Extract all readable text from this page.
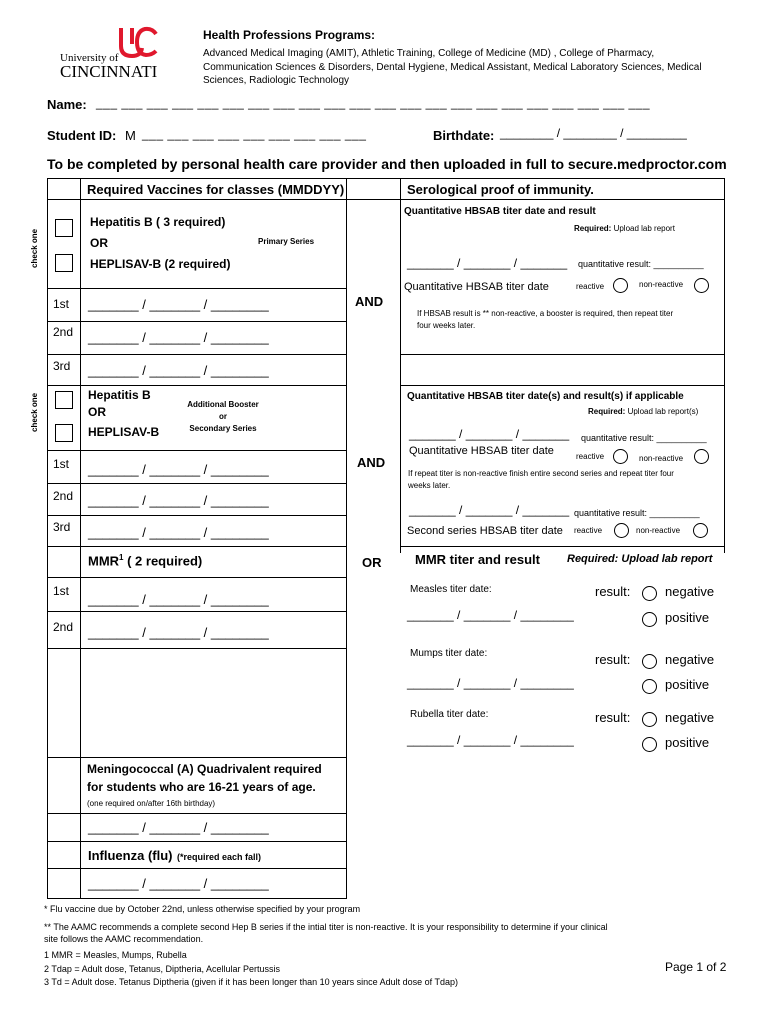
University of
CINCINNATI
Health Professions Programs:
Advanced Medical Imaging (AMIT), Athletic Training, College of Medicine (MD) , College of Pharmacy, Communication Sciences & Disorders, Dental Hygiene, Medical Assistant, Medical Laboratory Sciences, Medical Sciences, Radiologic Technology
Name: ___ ___ ___ ___ ___ ___ ___ ___ ___ ___ ___ ___ ___ ___ ___ ___ ___ ___ ___ ___ ___ ___
Student ID: M ___ ___ ___ ___ ___ ___ ___ ___ ___	Birthdate: ________ / ________ / _________
To be completed by personal health care provider and then uploaded in full to secure.medproctor.com
Required Vaccines for classes (MMDDYY)	Serological proof of immunity.
check one
Hepatitis B ( 3 required)
OR
HEPLISAV-B (2 required)
Primary Series
1st _______ / _______ / ________
2nd _______ / _______ / ________
3rd _______ / _______ / ________
AND
Quantitative HBSAB titer date and result
Required: Upload lab report
_______ / _______ / _______ quantitative result: __________
Quantitative HBSAB titer date	reactive	non-reactive
If HBSAB result is ** non-reactive, a booster is required, then repeat titer four weeks later.
check one	Hepatitis B
OR
HEPLISAV-B
Additional Booster
or
Secondary Series
1st _______ / _______ / ________
2nd _______ / _______ / ________
3rd _______ / _______ / ________
AND
Quantitative HBSAB titer date(s) and result(s) if applicable
Required: Upload lab report(s)
_______ / _______ / _______ quantitative result: __________
Quantitative HBSAB titer date	reactive	non-reactive
If repeat titer is non-reactive finish entire second series and repeat titer four weeks later.
_______ / _______ / _______ quantitative result: __________
Second series HBSAB titer date reactive	non-reactive
MMR$^1$ ( 2 required)	OR	MMR titer and result Required: Upload lab report
1st
_______ / _______ / ________
2nd _______ / _______ / ________
Measles titer date:	result:	negative
_______ / _______ / ________	positive
Mumps titer date:	result:	negative
_______ / _______ / ________	positive
Rubella titer date:	result:	negative
_______ / _______ / ________	positive
Meningococcal (A) Quadrivalent required
for students who are 16-21 years of age.
(one required on/after 16th birthday)
_______ / _______ / ________
Influenza (flu) (*required each fall)
_______ / _______ / ________
* Flu vaccine due by October 22nd, unless otherwise specified by your program
** The AAMC recommends a complete second Hep B series if the intial titer is non-reactive. It is your responsibility to determine if your clinical site follows the AAMC recommendation.
1 MMR = Measles, Mumps, Rubella
2 Tdap = Adult dose, Tetanus, Diptheria, Acellular Pertussis
3 Td = Adult dose. Tetanus Diptheria (given if it has been longer than 10 years since Adult dose of Tdap)
Page 1 of 2
